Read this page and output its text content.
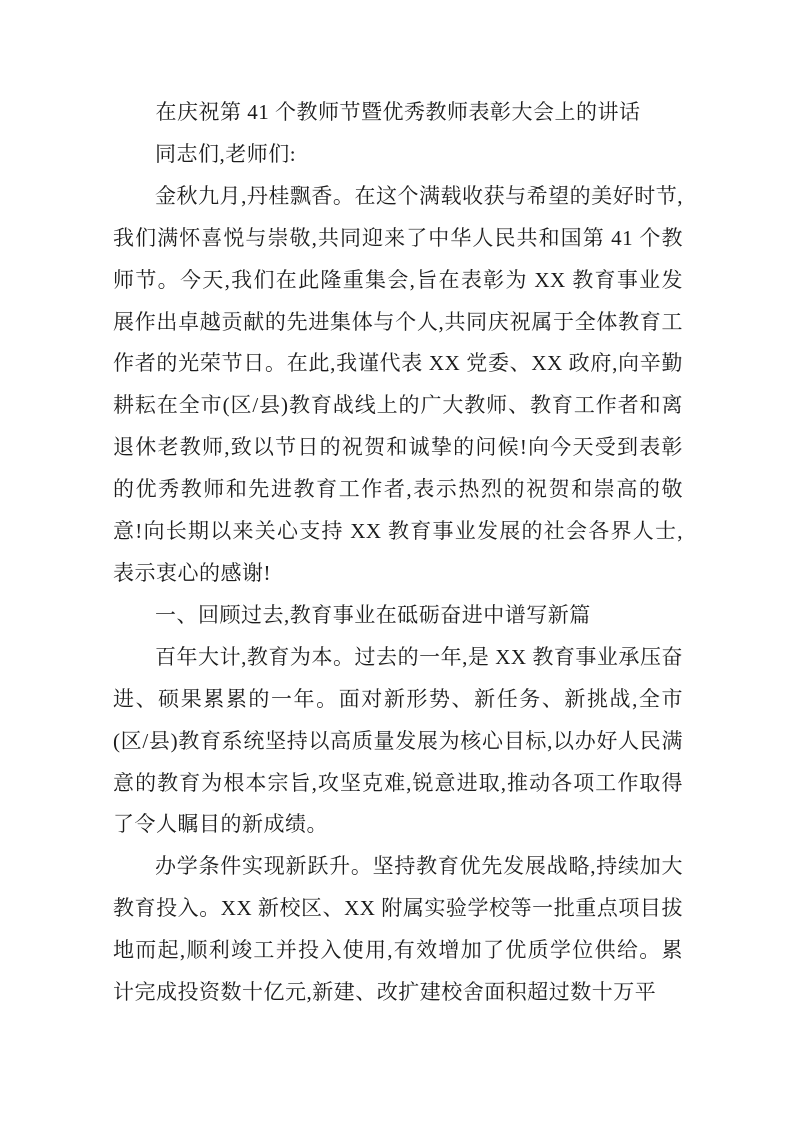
在庆祝第 41 个教师节暨优秀教师表彰大会上的讲话

同志们,老师们:

金秋九月,丹桂飘香。在这个满载收获与希望的美好时节,我们满怀喜悦与崇敬,共同迎来了中华人民共和国第 41 个教师节。今天,我们在此隆重集会,旨在表彰为 XX 教育事业发展作出卓越贡献的先进集体与个人,共同庆祝属于全体教育工作者的光荣节日。在此,我谨代表 XX 党委、XX 政府,向辛勤耕耘在全市(区/县)教育战线上的广大教师、教育工作者和离退休老教师,致以节日的祝贺和诚挚的问候!向今天受到表彰的优秀教师和先进教育工作者,表示热烈的祝贺和崇高的敬意!向长期以来关心支持 XX 教育事业发展的社会各界人士,表示衷心的感谢!

一、回顾过去,教育事业在砥砺奋进中谱写新篇

百年大计,教育为本。过去的一年,是 XX 教育事业承压奋进、硕果累累的一年。面对新形势、新任务、新挑战,全市(区/县)教育系统坚持以高质量发展为核心目标,以办好人民满意的教育为根本宗旨,攻坚克难,锐意进取,推动各项工作取得了令人瞩目的新成绩。

办学条件实现新跃升。坚持教育优先发展战略,持续加大教育投入。XX 新校区、XX 附属实验学校等一批重点项目拔地而起,顺利竣工并投入使用,有效增加了优质学位供给。累计完成投资数十亿元,新建、改扩建校舍面积超过数十万平
